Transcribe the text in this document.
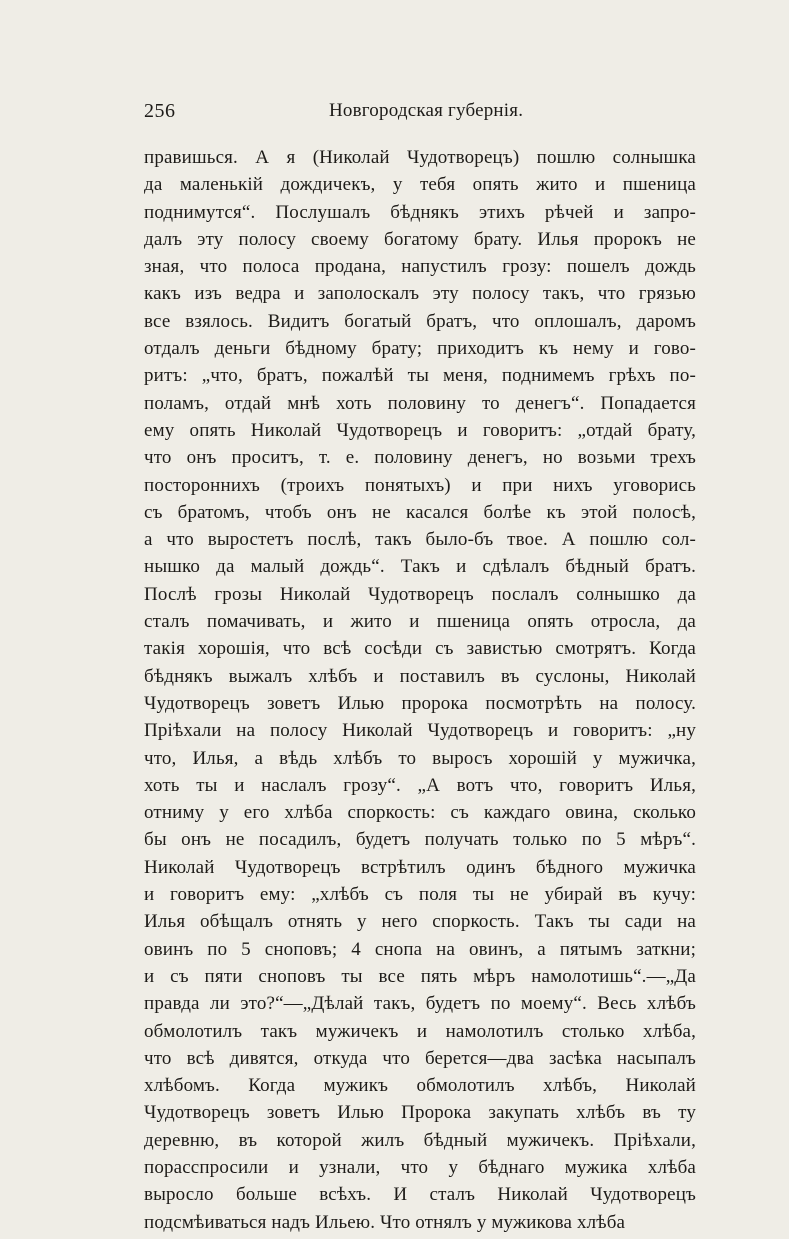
256	Новгородская губернія.
правишься. А я (Николай Чудотворецъ) пошлю солнышка
да маленькій дождичекъ, у тебя опять жито и пшеница
поднимутся“. Послушалъ бѣднякъ этихъ рѣчей и запро-
далъ эту полосу своему богатому брату. Илья пророкъ не
зная, что полоса продана, напустилъ грозу: пошелъ дождь
какъ изъ ведра и заполоскалъ эту полосу такъ, что грязью
все взялось. Видитъ богатый братъ, что оплошалъ, даромъ
отдалъ деньги бѣдному брату; приходитъ къ нему и гово-
ритъ: „что, братъ, пожалѣй ты меня, поднимемъ грѣхъ по-
поламъ, отдай мнѣ хоть половину то денегъ“. Попадается
ему опять Николай Чудотворецъ и говоритъ: „отдай брату,
что онъ проситъ, т. е. половину денегъ, но возьми трехъ
постороннихъ (троихъ понятыхъ) и при нихъ уговорись
съ братомъ, чтобъ онъ не касался болѣе къ этой полосѣ,
а что выростетъ послѣ, такъ было-бъ твое. А пошлю сол-
нышко да малый дождь“. Такъ и сдѣлалъ бѣдный братъ.
Послѣ грозы Николай Чудотворецъ послалъ солнышко да
сталъ помачивать, и жито и пшеница опять отросла, да
такія хорошія, что всѣ сосѣди съ завистью смотрятъ. Когда
бѣднякъ выжалъ хлѣбъ и поставилъ въ суслоны, Николай
Чудотворецъ зоветъ Илью пророка посмотрѣть на полосу.
Пріѣхали на полосу Николай Чудотворецъ и говоритъ: „ну
что, Илья, а вѣдь хлѣбъ то выросъ хорошій у мужичка,
хоть ты и наслалъ грозу“. „А вотъ что, говоритъ Илья,
отниму у его хлѣба споркость: съ каждаго овина, сколько
бы онъ не посадилъ, будетъ получать только по 5 мѣръ“.
Николай Чудотворецъ встрѣтилъ одинъ бѣдного мужичка
и говоритъ ему: „хлѣбъ съ поля ты не убирай въ кучу:
Илья обѣщалъ отнять у него споркость. Такъ ты сади на
овинъ по 5 сноповъ; 4 снопа на овинъ, а пятымъ заткни;
и съ пяти сноповъ ты все пять мѣръ намолотишь“.—„Да
правда ли это?“—„Дѣлай такъ, будетъ по моему“. Весь хлѣбъ
обмолотилъ такъ мужичекъ и намолотилъ столько хлѣба,
что всѣ дивятся, откуда что берется—два засѣка насыпалъ
хлѣбомъ. Когда мужикъ обмолотилъ хлѣбъ, Николай
Чудотворецъ зоветъ Илью Пророка закупать хлѣбъ въ ту
деревню, въ которой жилъ бѣдный мужичекъ. Пріѣхали,
порасспросили и узнали, что у бѣднаго мужика хлѣба
выросло больше всѣхъ. И сталъ Николай Чудотворецъ
подсмѣиваться надъ Ильею. Что отнялъ у мужикова хлѣба
